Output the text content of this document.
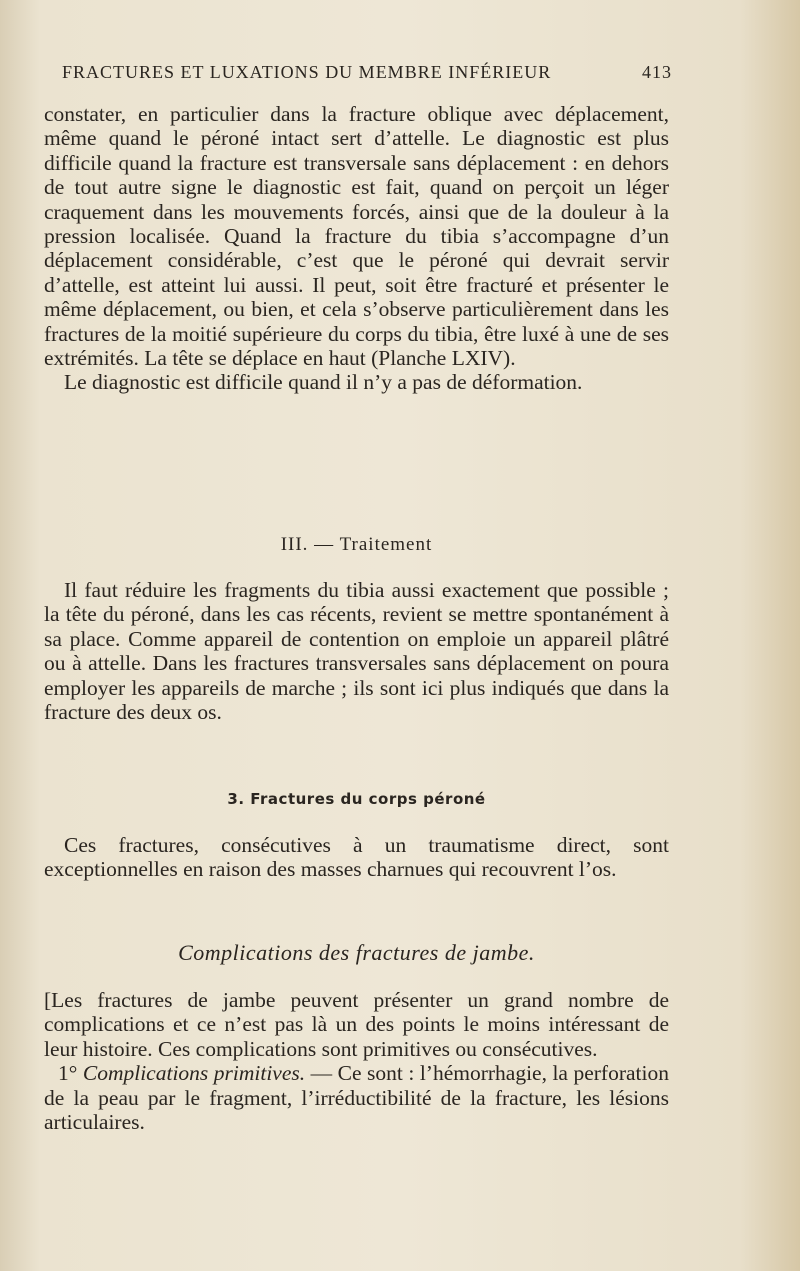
FRACTURES ET LUXATIONS DU MEMBRE INFÉRIEUR	413
constater, en particulier dans la fracture oblique avec déplacement, même quand le péroné intact sert d’attelle. Le diagnostic est plus difficile quand la fracture est transversale sans déplacement : en dehors de tout autre signe le diagnostic est fait, quand on perçoit un léger craquement dans les mouvements forcés, ainsi que de la douleur à la pression localisée. Quand la fracture du tibia s’accompagne d’un déplacement considérable, c’est que le péroné qui devrait servir d’attelle, est atteint lui aussi. Il peut, soit être fracturé et présenter le même déplacement, ou bien, et cela s’observe particulièrement dans les fractures de la moitié supérieure du corps du tibia, être luxé à une de ses extrémités. La tête se déplace en haut (Planche LXIV).
Le diagnostic est difficile quand il n’y a pas de déformation.
III. — Traitement
Il faut réduire les fragments du tibia aussi exactement que possible ; la tête du péroné, dans les cas récents, revient se mettre spontanément à sa place. Comme appareil de contention on emploie un appareil plâtré ou à attelle. Dans les fractures transversales sans déplacement on poura employer les appareils de marche ; ils sont ici plus indiqués que dans la fracture des deux os.
3. Fractures du corps péroné
Ces fractures, consécutives à un traumatisme direct, sont exceptionnelles en raison des masses charnues qui recouvrent l’os.
Complications des fractures de jambe.
[Les fractures de jambe peuvent présenter un grand nombre de complications et ce n’est pas là un des points le moins intéressant de leur histoire. Ces complications sont primitives ou consécutives.
1° Complications primitives. — Ce sont : l’hémorrhagie, la perforation de la peau par le fragment, l’irréductibilité de la fracture, les lésions articulaires.
